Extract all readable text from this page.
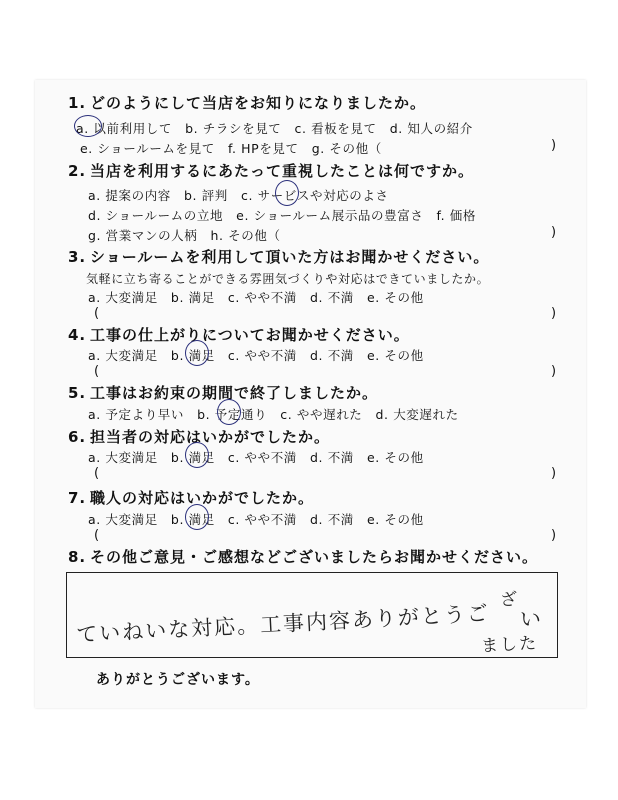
1. どのようにして当店をお知りになりましたか。
a. 以前利用して　b. チラシを見て　c. 看板を見て　d. 知人の紹介
e. ショールームを見て　f. HPを見て　g. その他（	)
2. 当店を利用するにあたって重視したことは何ですか。
a. 提案の内容　b. 評判　c. サービスや対応のよさ
d. ショールームの立地　e. ショールーム展示品の豊富さ　f. 価格
g. 営業マンの人柄　h. その他（	)
3. ショールームを利用して頂いた方はお聞かせください。
気軽に立ち寄ることができる雰囲気づくりや対応はできていましたか。
a. 大変満足　b. 満足　c. やや不満　d. 不満　e. その他
(	)
4. 工事の仕上がりについてお聞かせください。
a. 大変満足　b. 満足　c. やや不満　d. 不満　e. その他
(	)
5. 工事はお約束の期間で終了しましたか。
a. 予定より早い　b. 予定通り　c. やや遅れた　d. 大変遅れた
6. 担当者の対応はいかがでしたか。
a. 大変満足　b. 満足　c. やや不満　d. 不満　e. その他
(	)
7. 職人の対応はいかがでしたか。
a. 大変満足　b. 満足　c. やや不満　d. 不満　e. その他
(	)
8. その他ご意見・ご感想などございましたらお聞かせください。
ていねいな対応。工事内容ありがとうご
ざ
い
ました
ありがとうございます。
